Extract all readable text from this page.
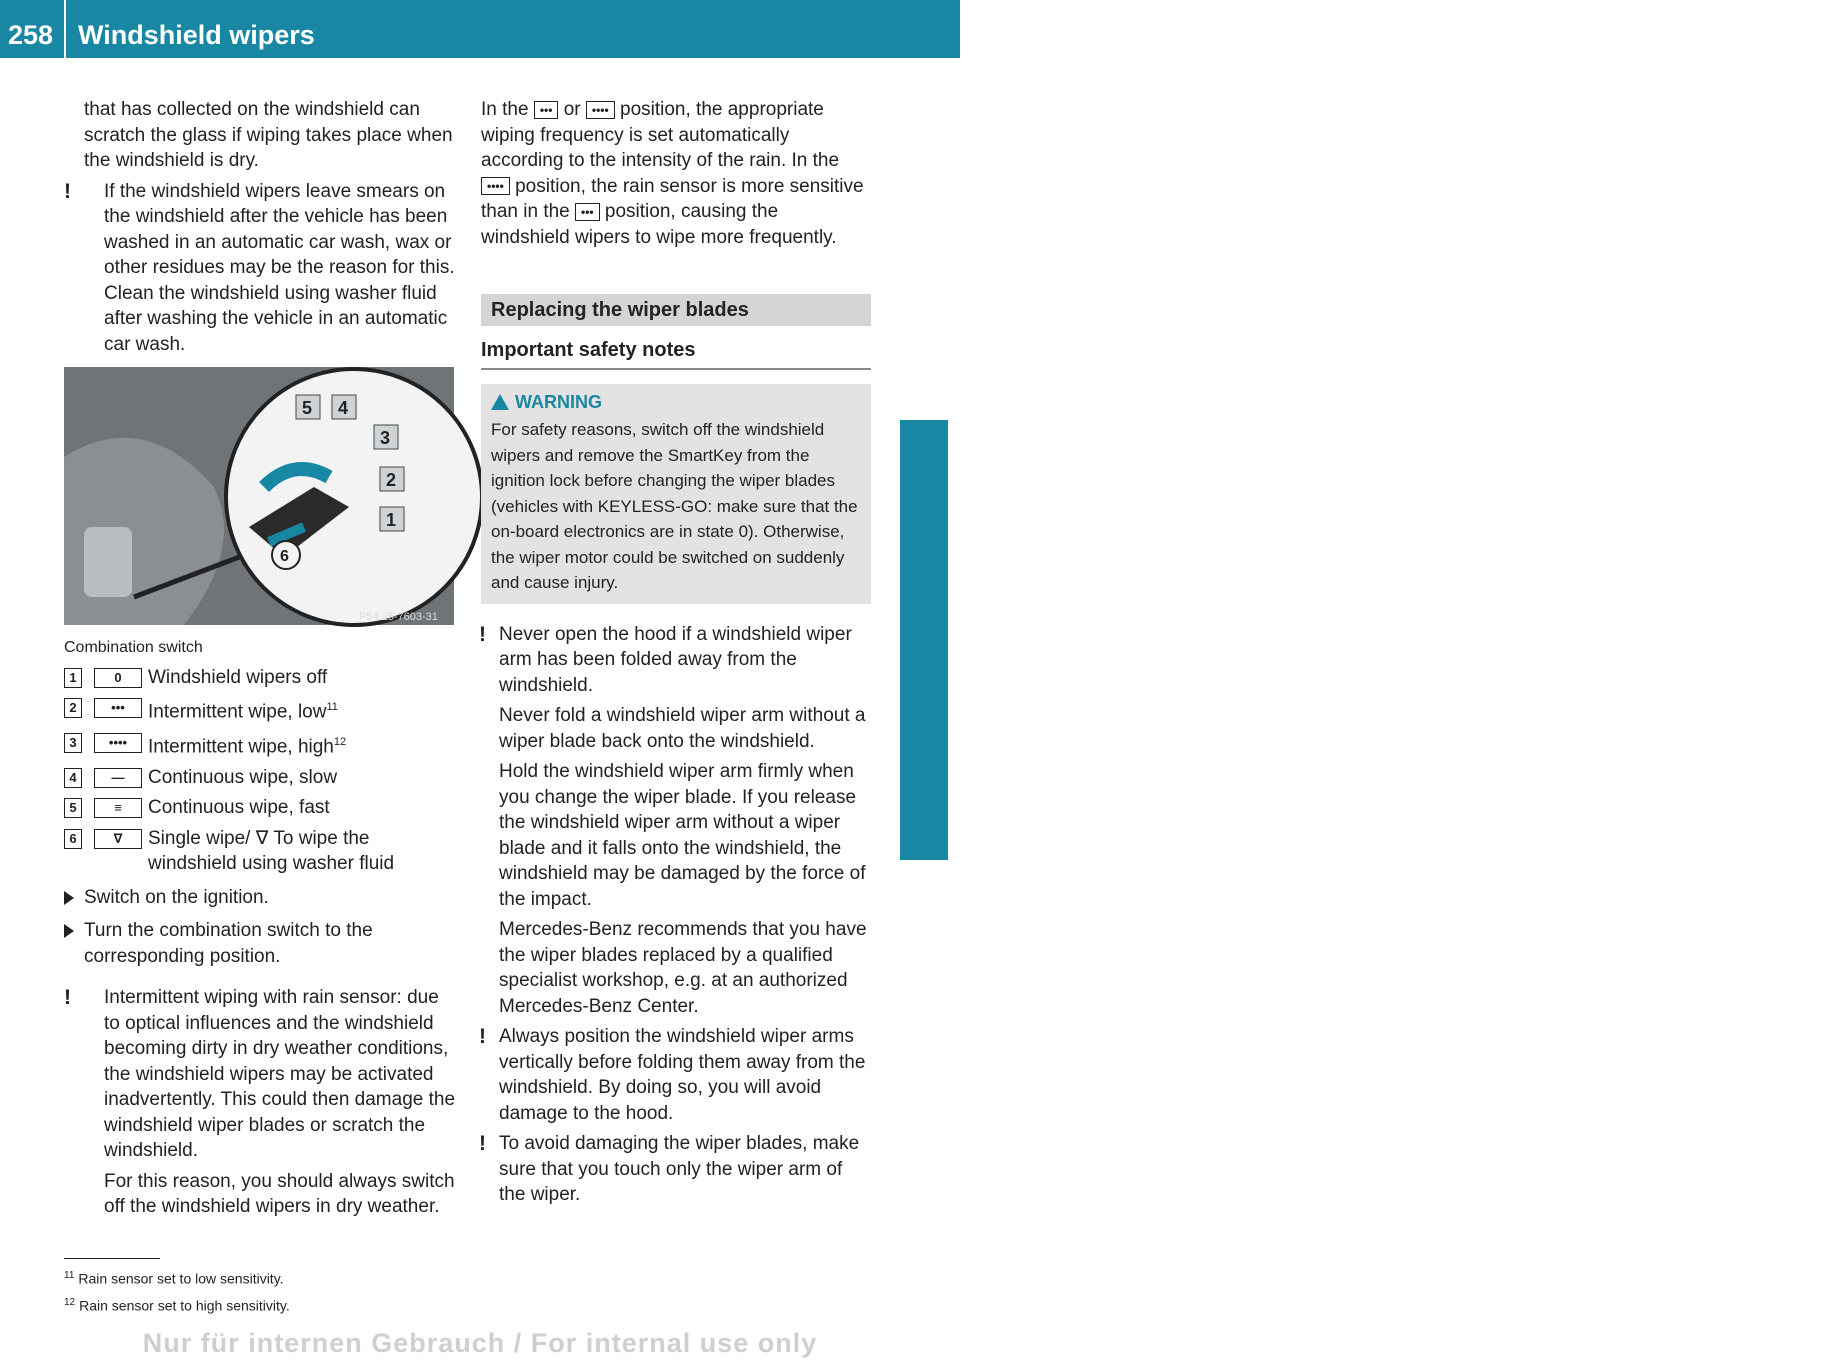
258 Windshield wipers
Lights and windshield wipers

that has collected on the windshield can scratch the glass if wiping takes place when the windshield is dry.

! If the windshield wipers leave smears on the windshield after the vehicle has been washed in an automatic car wash, wax or other residues may be the reason for this. Clean the windshield using washer fluid after washing the vehicle in an automatic car wash.

5 4
3
2
1
6
P54.25-7603-31
Combination switch
1	0	Windshield wipers off
2	•••	Intermittent wipe, low$^{11}$
3	••••	Intermittent wipe, high$^{12}$
4	—	Continuous wipe, slow
5	≡	Continuous wipe, fast
6	∇	Single wipe/ ∇ To wipe the windshield using washer fluid
Switch on the ignition.
Turn the combination switch to the corresponding position.
! Intermittent wiping with rain sensor: due to optical influences and the windshield becoming dirty in dry weather conditions, the windshield wipers may be activated inadvertently. This could then damage the windshield wiper blades or scratch the windshield.

For this reason, you should always switch off the windshield wipers in dry weather.

In the ••• or •••• position, the appropriate wiping frequency is set automatically according to the intensity of the rain. In the •••• position, the rain sensor is more sensitive than in the ••• position, causing the windshield wipers to wipe more frequently.

Replacing the wiper blades
Important safety notes
WARNING
For safety reasons, switch off the windshield wipers and remove the SmartKey from the ignition lock before changing the wiper blades (vehicles with KEYLESS-GO: make sure that the on-board electronics are in state 0). Otherwise, the wiper motor could be switched on suddenly and cause injury.
! Never open the hood if a windshield wiper arm has been folded away from the windshield.

Never fold a windshield wiper arm without a wiper blade back onto the windshield.

Hold the windshield wiper arm firmly when you change the wiper blade. If you release the windshield wiper arm without a wiper blade and it falls onto the windshield, the windshield may be damaged by the force of the impact.

Mercedes-Benz recommends that you have the wiper blades replaced by a qualified specialist workshop, e.g. at an authorized Mercedes-Benz Center.

! Always position the windshield wiper arms vertically before folding them away from the windshield. By doing so, you will avoid damage to the hood.

! To avoid damaging the wiper blades, make sure that you touch only the wiper arm of the wiper.

$^{11}$ Rain sensor set to low sensitivity.
$^{12}$ Rain sensor set to high sensitivity.
Nur für internen Gebrauch / For internal use only
